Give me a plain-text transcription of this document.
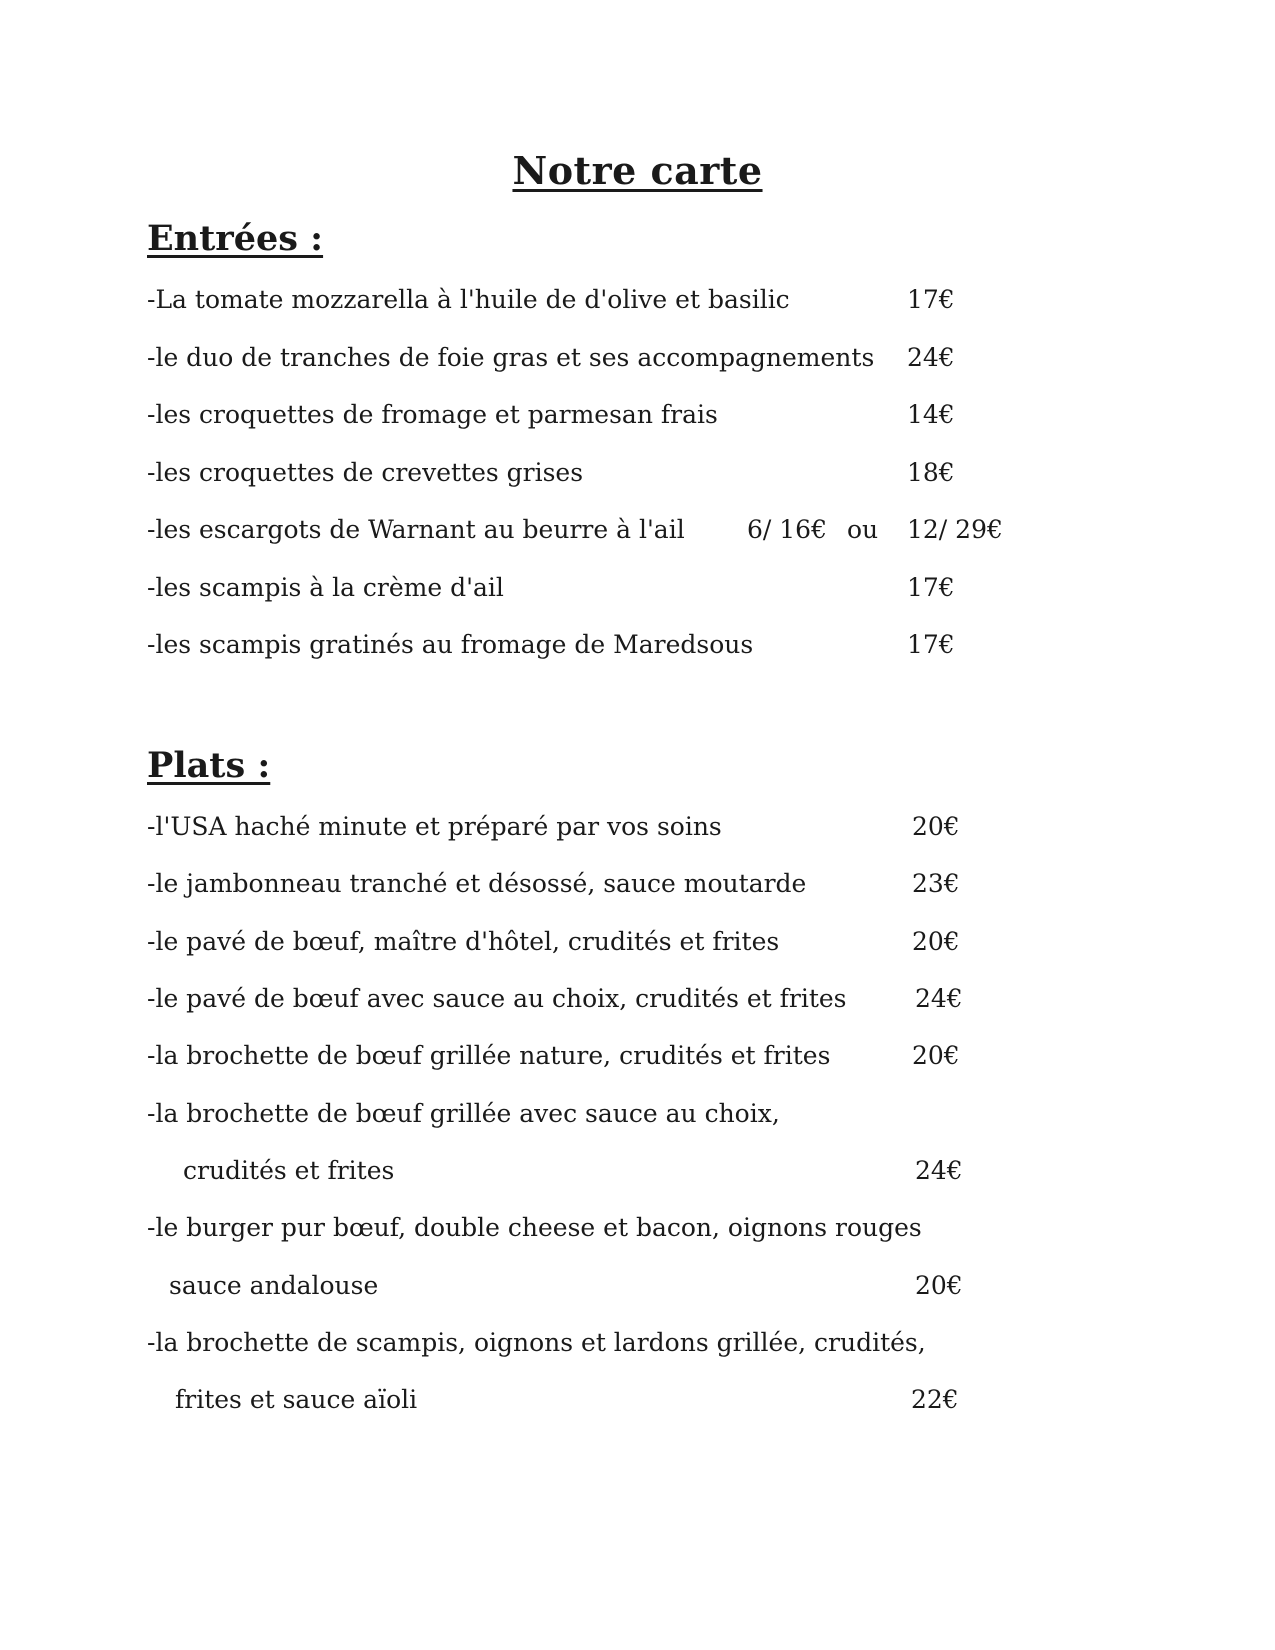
Notre carte
Entrées :
-La tomate mozzarella à l'huile de d'olive et basilic	17€
-le duo de tranches de foie gras et ses accompagnements 24€
-les croquettes de fromage et parmesan frais	14€
-les croquettes de crevettes grises	18€
-les escargots de Warnant au beurre à l'ail 6/ 16€ ou 12/ 29€
-les scampis à la crème d'ail	17€
-les scampis gratinés au fromage de Maredsous	17€
Plats :
-l'USA haché minute et préparé par vos soins	20€
-le jambonneau tranché et désossé, sauce moutarde	23€
-le pavé de bœuf, maître d'hôtel, crudités et frites	20€
-le pavé de bœuf avec sauce au choix, crudités et frites	24€
-la brochette de bœuf grillée nature, crudités et frites	20€
-la brochette de bœuf grillée avec sauce au choix,
crudités et frites	24€
-le burger pur bœuf, double cheese et bacon, oignons rouges
sauce andalouse	20€
-la brochette de scampis, oignons et lardons grillée, crudités,
frites et sauce aïoli	22€
